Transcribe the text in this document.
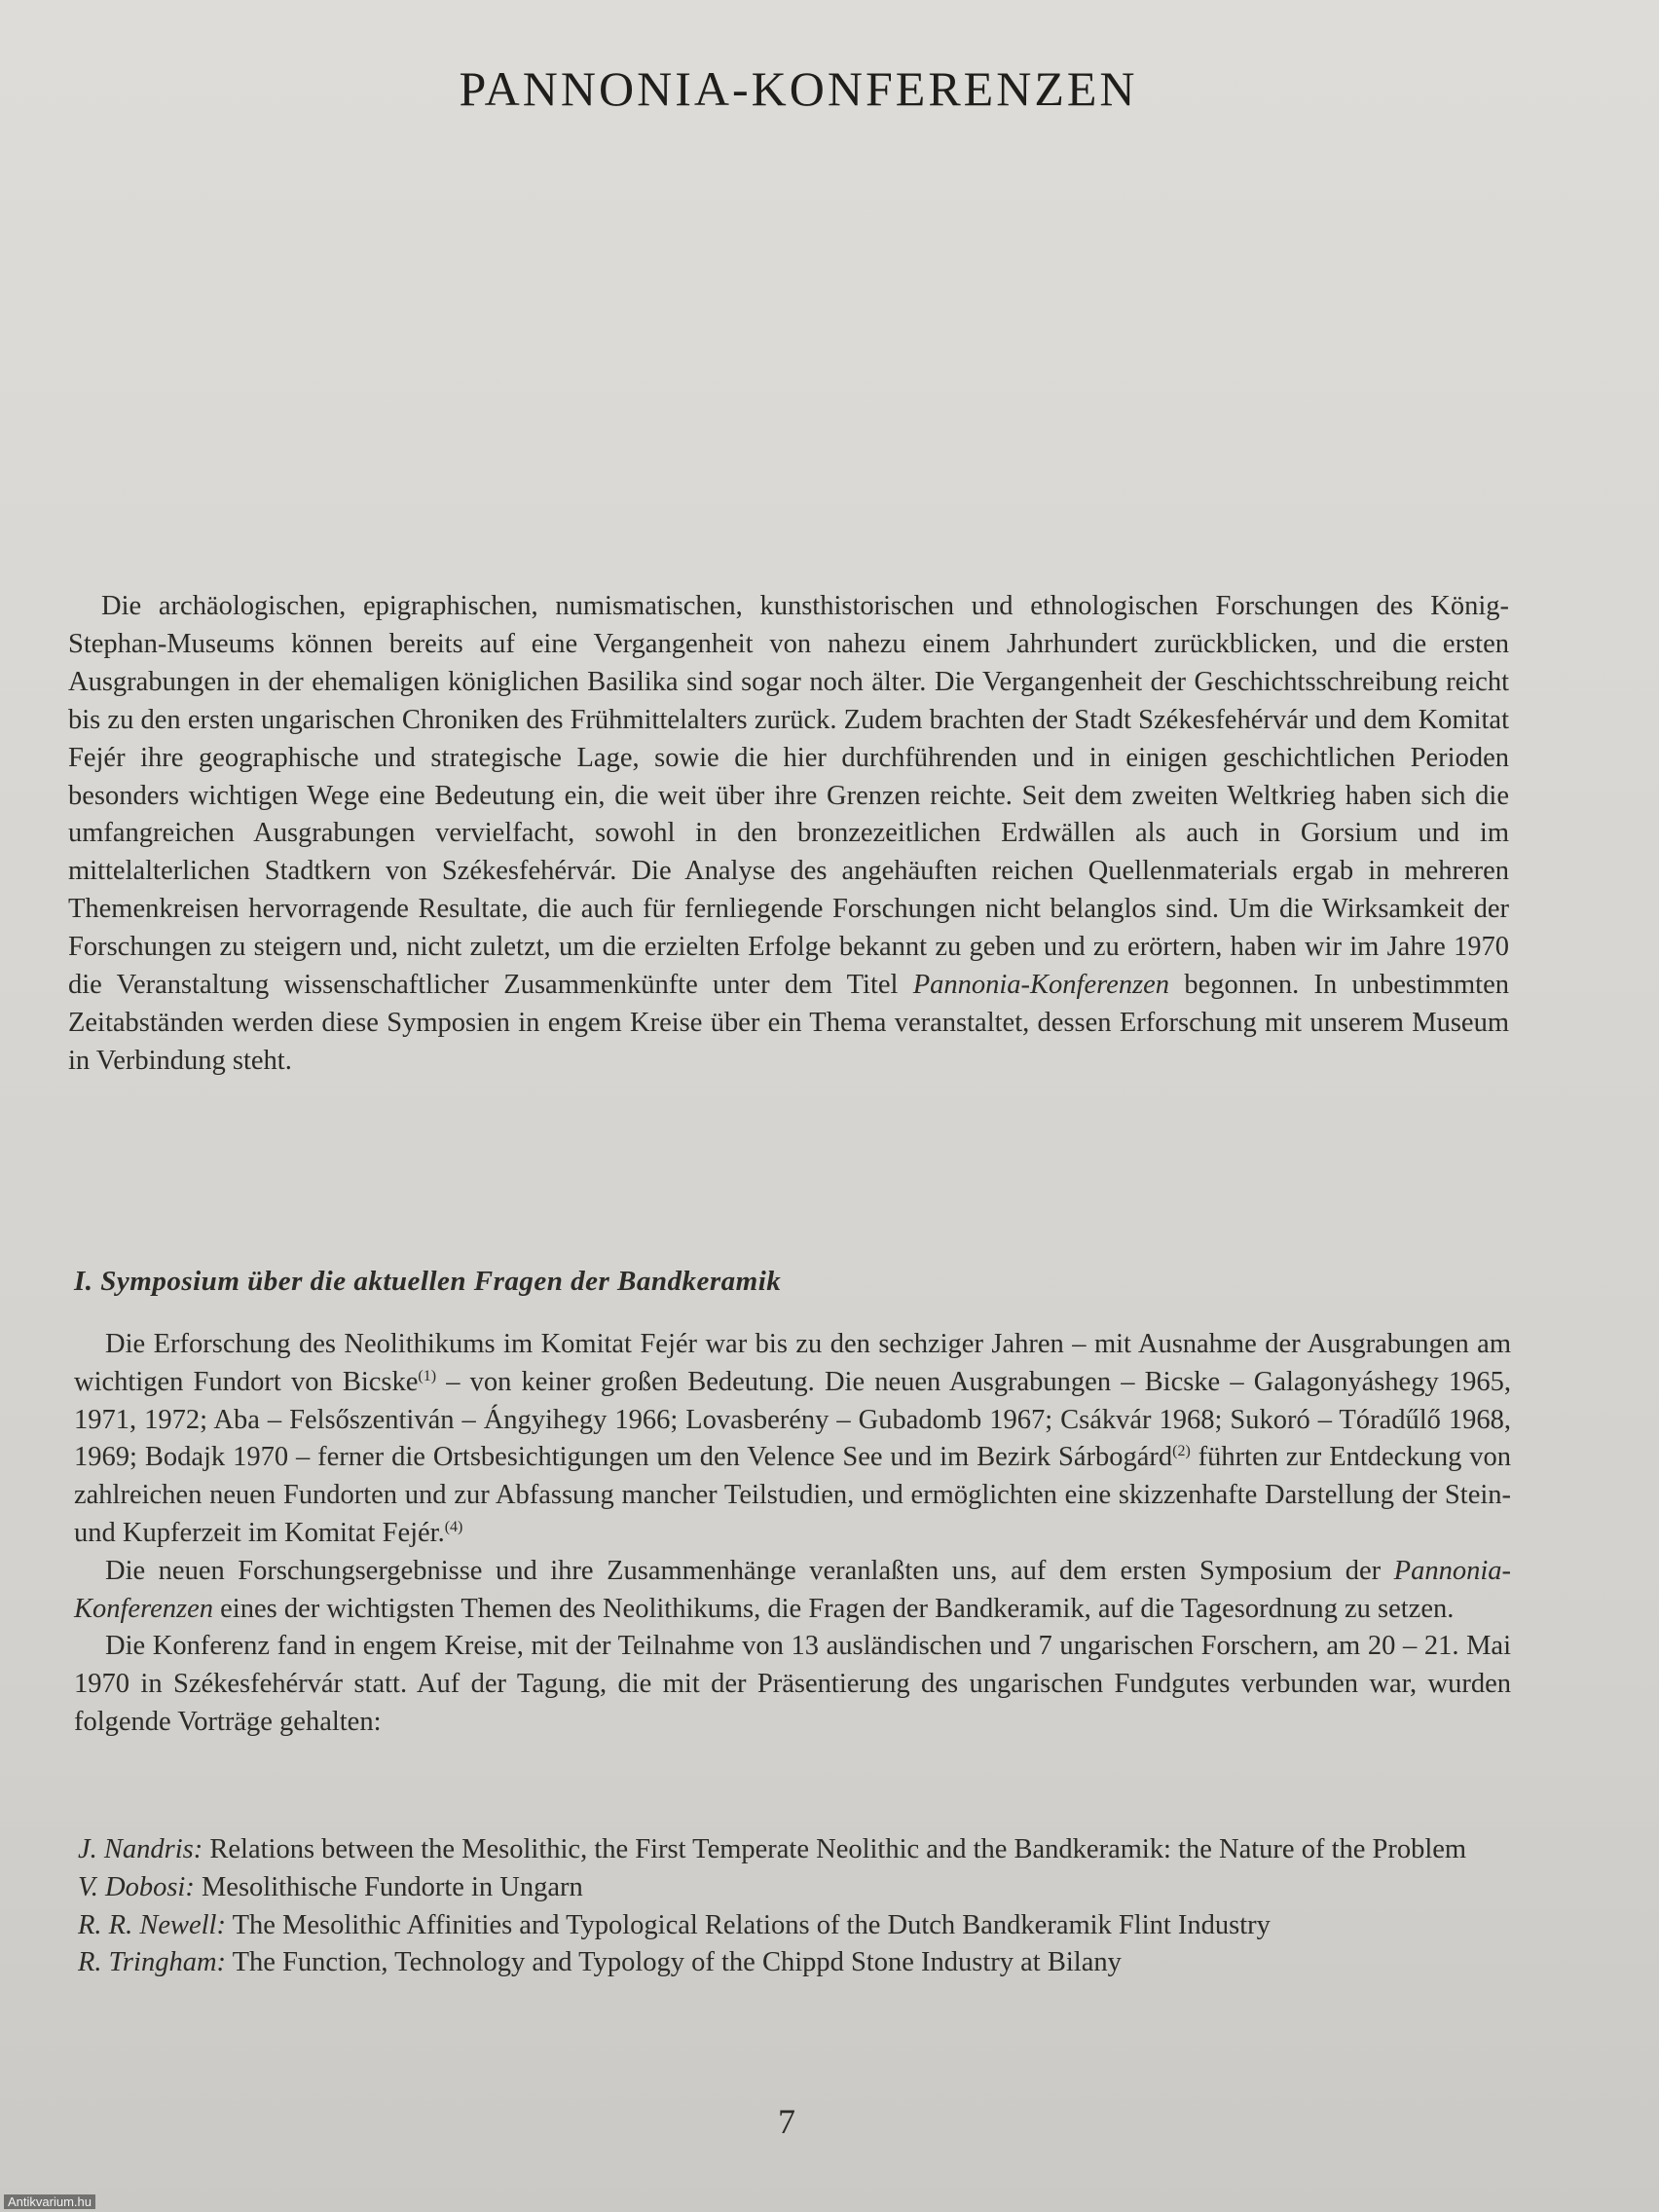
PANNONIA-KONFERENZEN

Die archäologischen, epigraphischen, numismatischen, kunsthistorischen und ethnologischen Forschungen des König-Stephan-Museums können bereits auf eine Vergangenheit von nahezu einem Jahrhundert zurückblicken, und die ersten Ausgrabungen in der ehemaligen königlichen Basilika sind sogar noch älter. Die Vergangenheit der Geschichtsschreibung reicht bis zu den ersten ungarischen Chroniken des Frühmittelalters zurück. Zudem brachten der Stadt Székesfehérvár und dem Komitat Fejér ihre geographische und strategische Lage, sowie die hier durchführenden und in einigen geschichtlichen Perioden besonders wichtigen Wege eine Bedeutung ein, die weit über ihre Grenzen reichte. Seit dem zweiten Weltkrieg haben sich die umfangreichen Ausgrabungen vervielfacht, sowohl in den bronzezeitlichen Erdwällen als auch in Gorsium und im mittelalterlichen Stadtkern von Székesfehérvár. Die Analyse des angehäuften reichen Quellenmaterials ergab in mehreren Themenkreisen hervorragende Resultate, die auch für fernliegende Forschungen nicht belanglos sind. Um die Wirksamkeit der Forschungen zu steigern und, nicht zuletzt, um die erzielten Erfolge bekannt zu geben und zu erörtern, haben wir im Jahre 1970 die Veranstaltung wissenschaftlicher Zusammenkünfte unter dem Titel Pannonia-Konferenzen begonnen. In unbestimmten Zeitabständen werden diese Symposien in engem Kreise über ein Thema veranstaltet, dessen Erforschung mit unserem Museum in Verbindung steht.

I. Symposium über die aktuellen Fragen der Bandkeramik

Die Erforschung des Neolithikums im Komitat Fejér war bis zu den sechziger Jahren – mit Ausnahme der Ausgrabungen am wichtigen Fundort von Bicske$^{(1)}$ – von keiner großen Bedeutung. Die neuen Ausgrabungen – Bicske – Galagonyáshegy 1965, 1971, 1972; Aba – Felsőszentiván – Ángyihegy 1966; Lovasberény – Gubadomb 1967; Csákvár 1968; Sukoró – Tóradűlő 1968, 1969; Bodajk 1970 – ferner die Ortsbesichtigungen um den Velence See und im Bezirk Sárbogárd$^{(2)}$ führten zur Entdeckung von zahlreichen neuen Fundorten und zur Abfassung mancher Teilstudien, und ermöglichten eine skizzenhafte Darstellung der Stein- und Kupferzeit im Komitat Fejér.$^{(4)}$

Die neuen Forschungsergebnisse und ihre Zusammenhänge veranlaßten uns, auf dem ersten Symposium der Pannonia-Konferenzen eines der wichtigsten Themen des Neolithikums, die Fragen der Bandkeramik, auf die Tagesordnung zu setzen.

Die Konferenz fand in engem Kreise, mit der Teilnahme von 13 ausländischen und 7 ungarischen Forschern, am 20 – 21. Mai 1970 in Székesfehérvár statt. Auf der Tagung, die mit der Präsentierung des ungarischen Fundgutes verbunden war, wurden folgende Vorträge gehalten:

J. Nandris: Relations between the Mesolithic, the First Temperate Neolithic and the Bandkeramik: the Nature of the Problem
V. Dobosi: Mesolithische Fundorte in Ungarn
R. R. Newell: The Mesolithic Affinities and Typological Relations of the Dutch Bandkeramik Flint Industry
R. Tringham: The Function, Technology and Typology of the Chippd Stone Industry at Bilany
7
Antikvarium.hu
